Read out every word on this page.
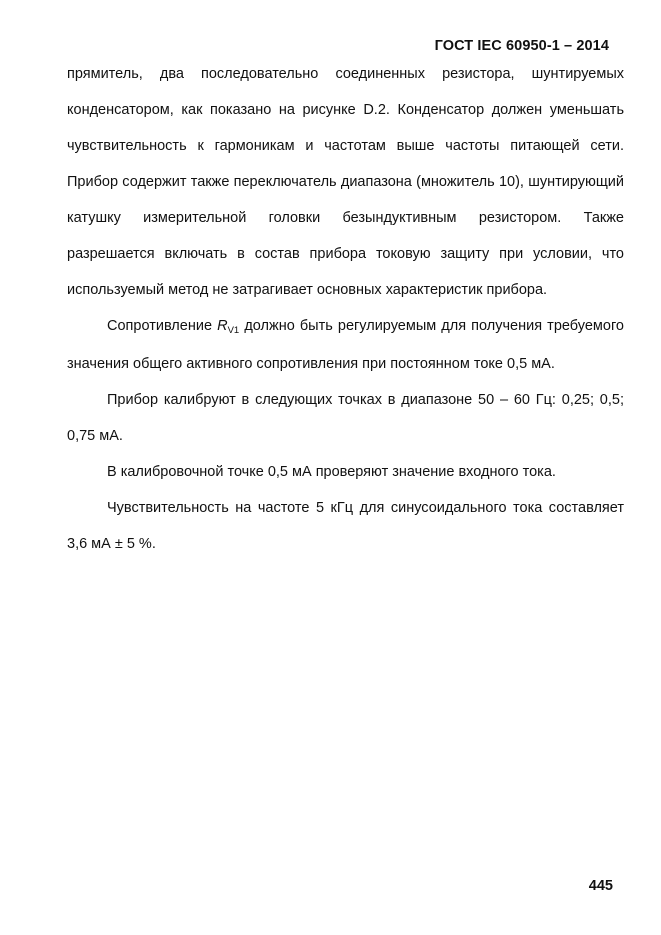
ГОСТ IEC 60950-1 – 2014

прямитель, два последовательно соединенных резистора, шунтируемых конденсатором, как показано на рисунке D.2. Конденсатор должен уменьшать чувствительность к гармоникам и частотам выше частоты питающей сети. Прибор содержит также переключатель диапазона (множитель 10), шунтирующий катушку измерительной головки безындуктивным резистором. Также разрешается включать в состав прибора токовую защиту при условии, что используемый метод не затрагивает основных характеристик прибора.

Сопротивление $R_{V1}$ должно быть регулируемым для получения требуемого значения общего активного сопротивления при постоянном токе 0,5 мА.

Прибор калибруют в следующих точках в диапазоне 50 – 60 Гц: 0,25; 0,5; 0,75 мА.

В калибровочной точке 0,5 мА проверяют значение входного тока.

Чувствительность на частоте 5 кГц для синусоидального тока составляет 3,6 мА ± 5 %.

445
